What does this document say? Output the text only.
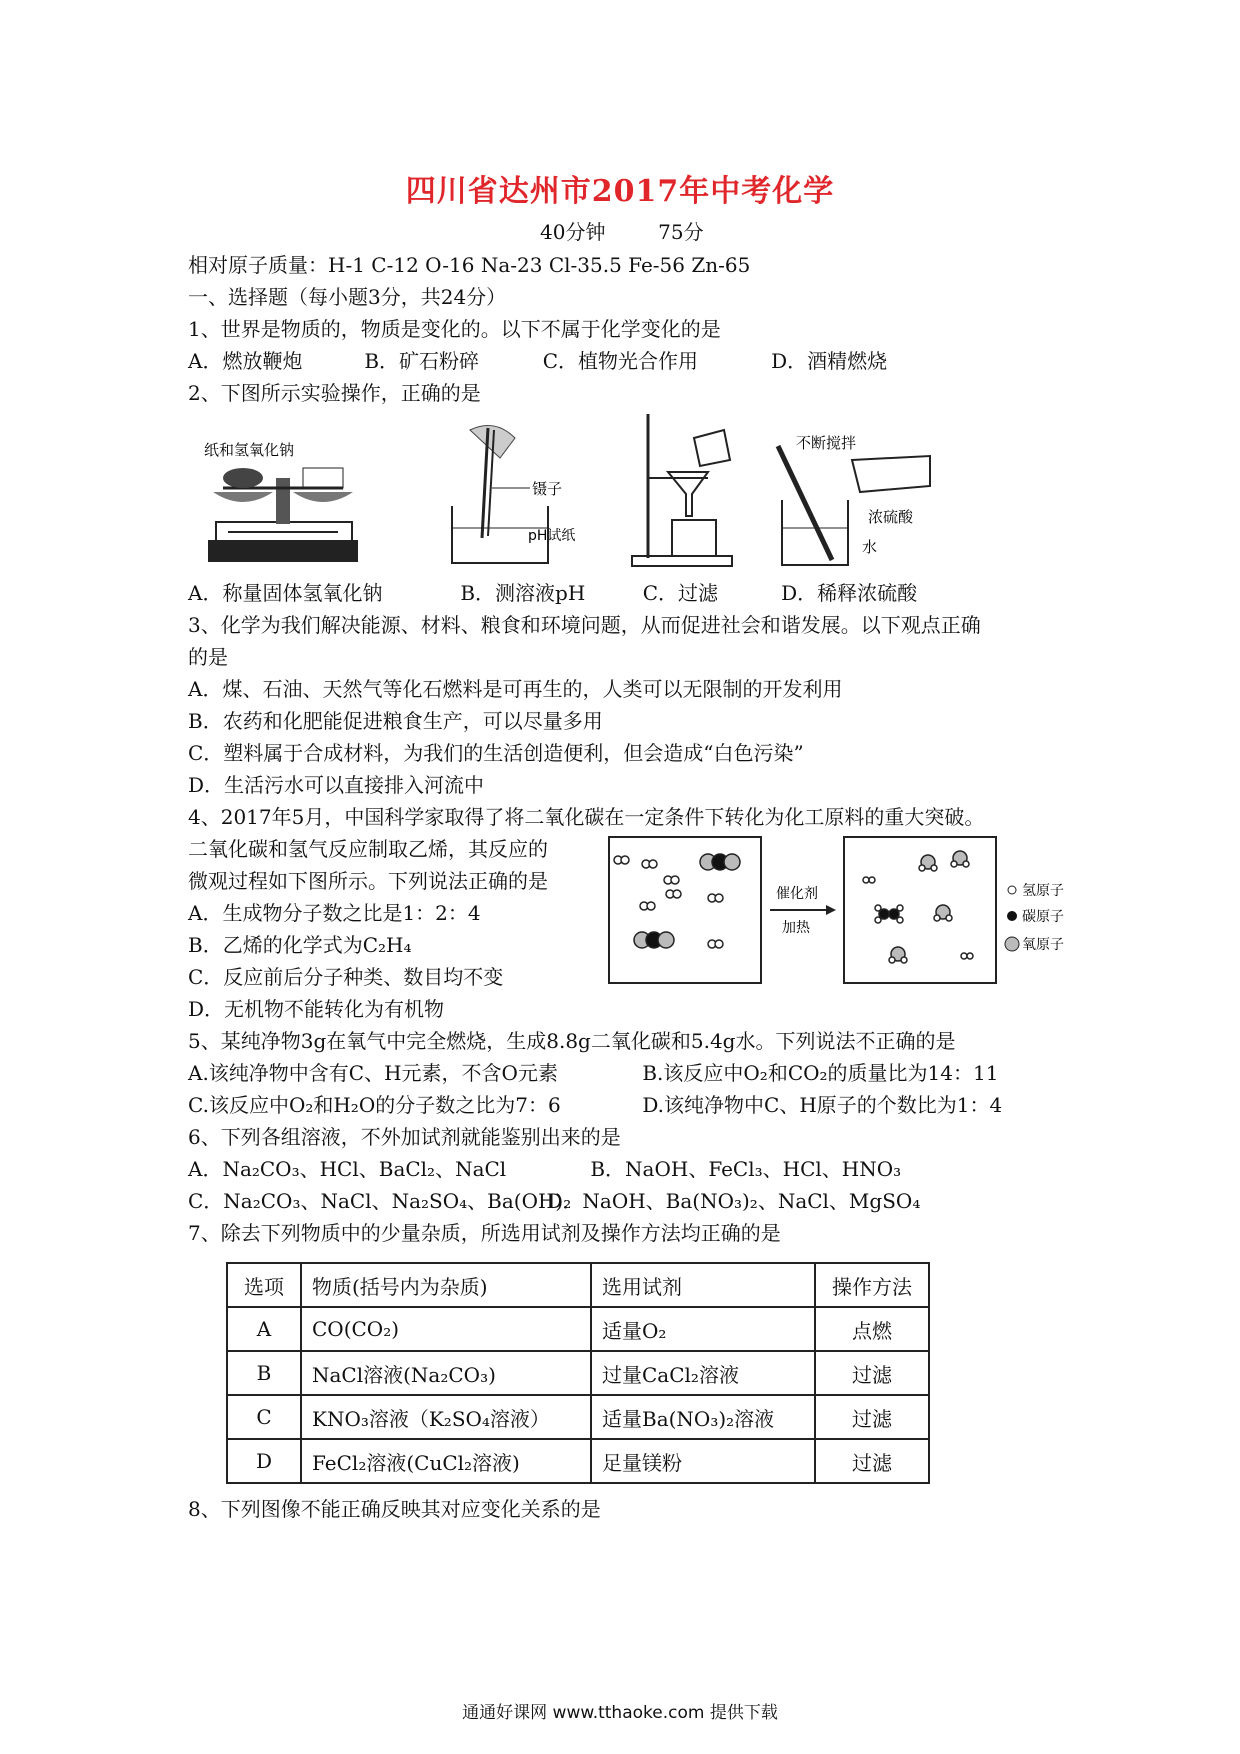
四川省达州市2017年中考化学
40分钟	75分
相对原子质量：H-1 C-12 O-16 Na-23 Cl-35.5 Fe-56 Zn-65
一、选择题（每小题3分，共24分）
1、世界是物质的，物质是变化的。以下不属于化学变化的是
A．燃放鞭炮	B．矿石粉碎	C．植物光合作用	D．酒精燃烧
2、下图所示实验操作，正确的是
纸和氢氧化钠
镊子
pH试纸
不断搅拌
浓硫酸
水
A．称量固体氢氧化钠	B．测溶液pH	C．过滤	D．稀释浓硫酸
3、化学为我们解决能源、材料、粮食和环境问题，从而促进社会和谐发展。以下观点正确
的是
A．煤、石油、天然气等化石燃料是可再生的，人类可以无限制的开发利用
B．农药和化肥能促进粮食生产，可以尽量多用
C．塑料属于合成材料，为我们的生活创造便利，但会造成“白色污染”
D．生活污水可以直接排入河流中
4、2017年5月，中国科学家取得了将二氧化碳在一定条件下转化为化工原料的重大突破。
二氧化碳和氢气反应制取乙烯，其反应的
微观过程如下图所示。下列说法正确的是
A．生成物分子数之比是1：2：4
B．乙烯的化学式为C₂H₄
C．反应前后分子种类、数目均不变
D．无机物不能转化为有机物
催化剂
加热
氢原子
碳原子
氧原子
5、某纯净物3g在氧气中完全燃烧，生成8.8g二氧化碳和5.4g水。下列说法不正确的是
A.该纯净物中含有C、H元素，不含O元素	B.该反应中O₂和CO₂的质量比为14：11
C.该反应中O₂和H₂O的分子数之比为7：6	D.该纯净物中C、H原子的个数比为1：4
6、下列各组溶液，不外加试剂就能鉴别出来的是
A．Na₂CO₃、HCl、BaCl₂、NaCl	B．NaOH、FeCl₃、HCl、HNO₃
C．Na₂CO₃、NaCl、Na₂SO₄、Ba(OH)₂ D．NaOH、Ba(NO₃)₂、NaCl、MgSO₄
7、除去下列物质中的少量杂质，所选用试剂及操作方法均正确的是
选项	物质(括号内为杂质)	选用试剂	操作方法
A	CO(CO₂)	适量O₂	点燃
B	NaCl溶液(Na₂CO₃)	过量CaCl₂溶液	过滤
C	KNO₃溶液（K₂SO₄溶液）	适量Ba(NO₃)₂溶液	过滤
D	FeCl₂溶液(CuCl₂溶液)	足量镁粉	过滤
8、下列图像不能正确反映其对应变化关系的是
通通好课网 www.tthaoke.com 提供下载
